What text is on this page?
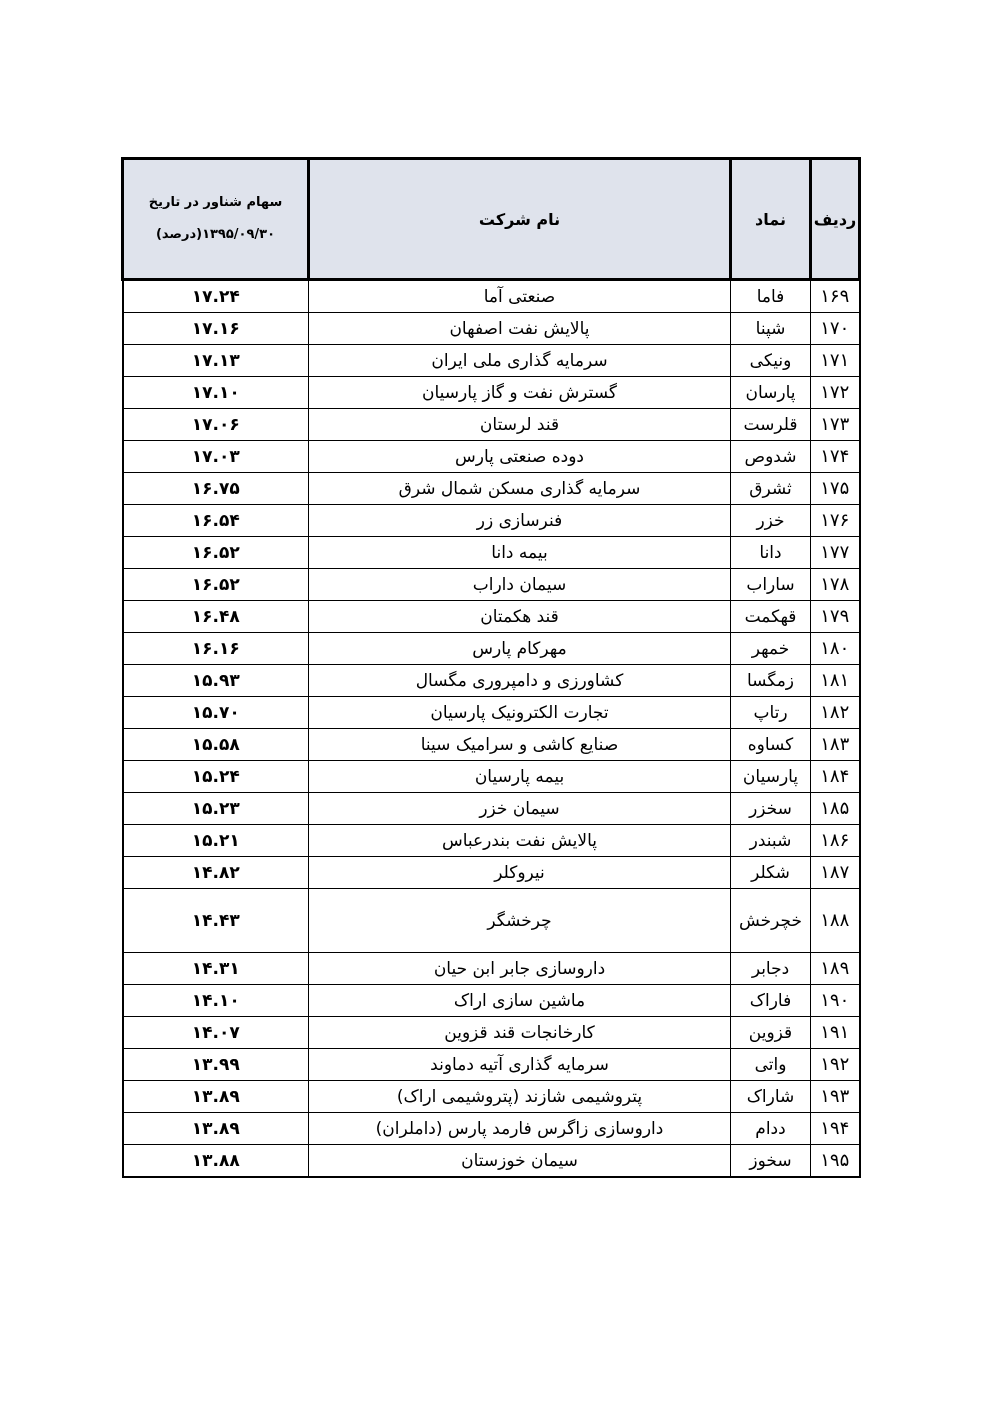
ردیف	نماد	نام شرکت	سهام شناور در تاریخ
۱۳۹۵/۰۹/۳۰(درصد)

۱۶۹	فاما	صنعتی آما	۱۷.۲۴
۱۷۰	شپنا	پالایش نفت اصفهان	۱۷.۱۶
۱۷۱	ونیکی	سرمایه گذاری ملی ایران	۱۷.۱۳
۱۷۲	پارسان	گسترش نفت و گاز پارسیان	۱۷.۱۰
۱۷۳	قلرست	قند لرستان	۱۷.۰۶
۱۷۴	شدوص	دوده صنعتی پارس	۱۷.۰۳
۱۷۵	ثشرق	سرمایه گذاری مسکن شمال شرق	۱۶.۷۵
۱۷۶	خزر	فنرسازی زر	۱۶.۵۴
۱۷۷	دانا	بیمه دانا	۱۶.۵۲
۱۷۸	ساراب	سیمان داراب	۱۶.۵۲
۱۷۹	قهکمت	قند هکمتان	۱۶.۴۸
۱۸۰	خمهر	مهرکام پارس	۱۶.۱۶
۱۸۱	زمگسا	کشاورزی و دامپروری مگسال	۱۵.۹۳
۱۸۲	رتاپ	تجارت الکترونیک پارسیان	۱۵.۷۰
۱۸۳	کساوه	صنایع کاشی و سرامیک سینا	۱۵.۵۸
۱۸۴	پارسیان	بیمه پارسیان	۱۵.۲۴
۱۸۵	سخزر	سیمان خزر	۱۵.۲۳
۱۸۶	شبندر	پالایش نفت بندرعباس	۱۵.۲۱
۱۸۷	شکلر	نیروکلر	۱۴.۸۲
۱۸۸	خچرخش	چرخشگر	۱۴.۴۳
۱۸۹	دجابر	داروسازی جابر ابن حیان	۱۴.۳۱
۱۹۰	فاراک	ماشین سازی اراک	۱۴.۱۰
۱۹۱	قزوین	کارخانجات قند قزوین	۱۴.۰۷
۱۹۲	واتی	سرمایه گذاری آتیه دماوند	۱۳.۹۹
۱۹۳	شاراک	پتروشیمی شازند (پتروشیمی اراک)	۱۳.۸۹
۱۹۴	ددام	داروسازی زاگرس فارمد پارس (داملران)	۱۳.۸۹
۱۹۵	سخوز	سیمان خوزستان	۱۳.۸۸
